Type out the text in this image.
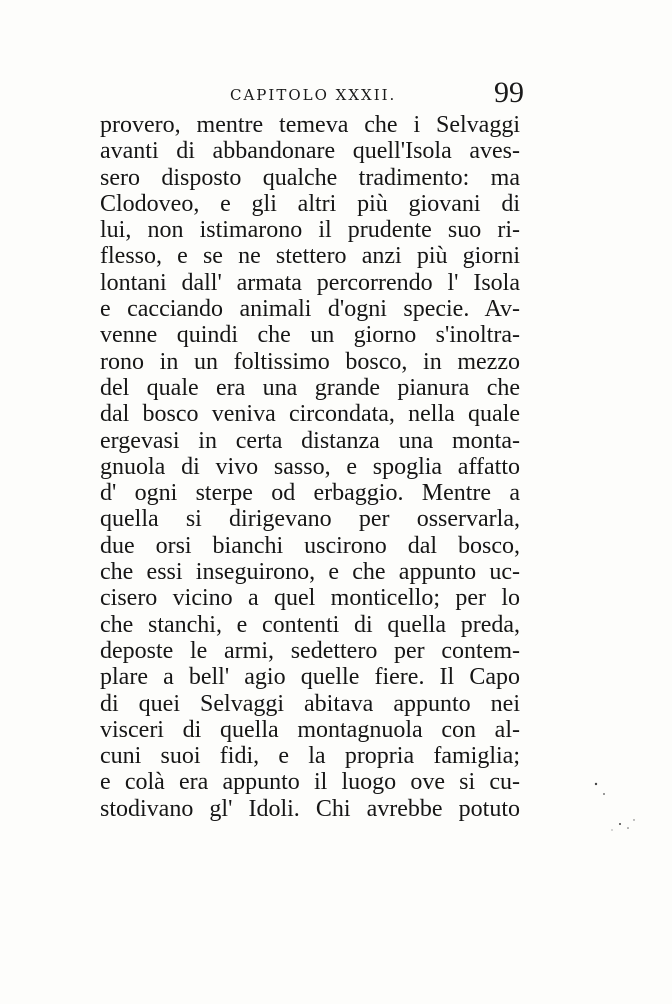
CAPITOLO XXXII.	99
provero, mentre temeva che i Selvaggi
avanti di abbandonare quell'Isola aves-
sero disposto qualche tradimento: ma
Clodoveo, e gli altri più giovani di
lui, non istimarono il prudente suo ri-
flesso, e se ne stettero anzi più giorni
lontani dall' armata percorrendo l' Isola
e cacciando animali d'ogni specie. Av-
venne quindi che un giorno s'inoltra-
rono in un foltissimo bosco, in mezzo
del quale era una grande pianura che
dal bosco veniva circondata, nella quale
ergevasi in certa distanza una monta-
gnuola di vivo sasso, e spoglia affatto
d' ogni sterpe od erbaggio. Mentre a
quella si dirigevano per osservarla,
due orsi bianchi uscirono dal bosco,
che essi inseguirono, e che appunto uc-
cisero vicino a quel monticello; per lo
che stanchi, e contenti di quella preda,
deposte le armi, sedettero per contem-
plare a bell' agio quelle fiere. Il Capo
di quei Selvaggi abitava appunto nei
visceri di quella montagnuola con al-
cuni suoi fidi, e la propria famiglia;
e colà era appunto il luogo ove si cu-
stodivano gl' Idoli. Chi avrebbe potuto
